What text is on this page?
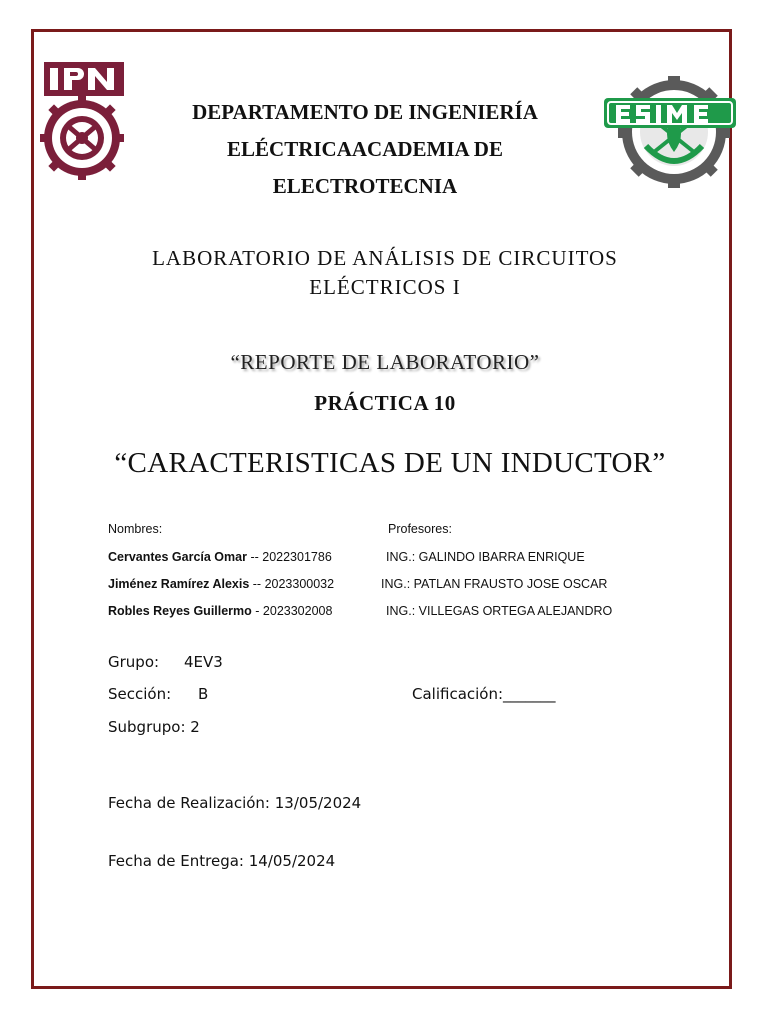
DEPARTAMENTO DE INGENIERÍA
ELÉCTRICAACADEMIA DE
ELECTROTECNIA
LABORATORIO DE ANÁLISIS DE CIRCUITOS
ELÉCTRICOS I
“REPORTE DE LABORATORIO”
PRÁCTICA 10
“CARACTERISTICAS DE UN INDUCTOR”
Nombres:	Profesores:
Cervantes García Omar -- 2022301786	ING.: GALINDO IBARRA ENRIQUE
Jiménez Ramírez Alexis -- 2023300032	ING.: PATLAN FRAUSTO JOSE OSCAR
Robles Reyes Guillermo - 2023302008	ING.: VILLEGAS ORTEGA ALEJANDRO
Grupo: 4EV3
Sección: B	Calificación:_______
Subgrupo: 2
Fecha de Realización: 13/05/2024
Fecha de Entrega: 14/05/2024
